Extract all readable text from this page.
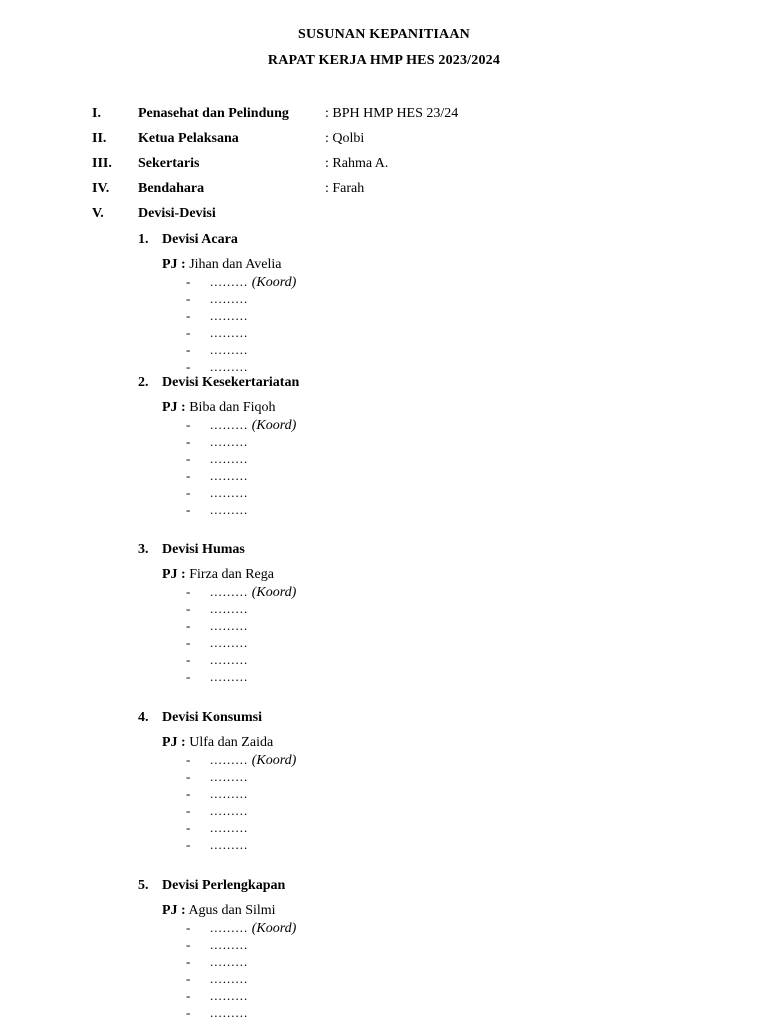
SUSUNAN KEPANITIAAN
RAPAT KERJA HMP HES 2023/2024
I.	Penasehat dan Pelindung	: BPH HMP HES 23/24
II. Ketua Pelaksana	: Qolbi
III. Sekertaris	: Rahma A.
IV. Bendahara	: Farah
V. Devisi-Devisi
1. Devisi Acara
PJ : Jihan dan Avelia
- ......... (Koord)
- .........
- .........
- .........
- .........
- .........
2. Devisi Kesekertariatan
PJ : Biba dan Fiqoh
- ......... (Koord)
- .........
- .........
- .........
- .........
- .........
3. Devisi Humas
PJ : Firza dan Rega
- ......... (Koord)
- .........
- .........
- .........
- .........
- .........
4. Devisi Konsumsi
PJ : Ulfa dan Zaida
- ......... (Koord)
- .........
- .........
- .........
- .........
- .........
5. Devisi Perlengkapan
PJ : Agus dan Silmi
- ......... (Koord)
- .........
- .........
- .........
- .........
- .........
